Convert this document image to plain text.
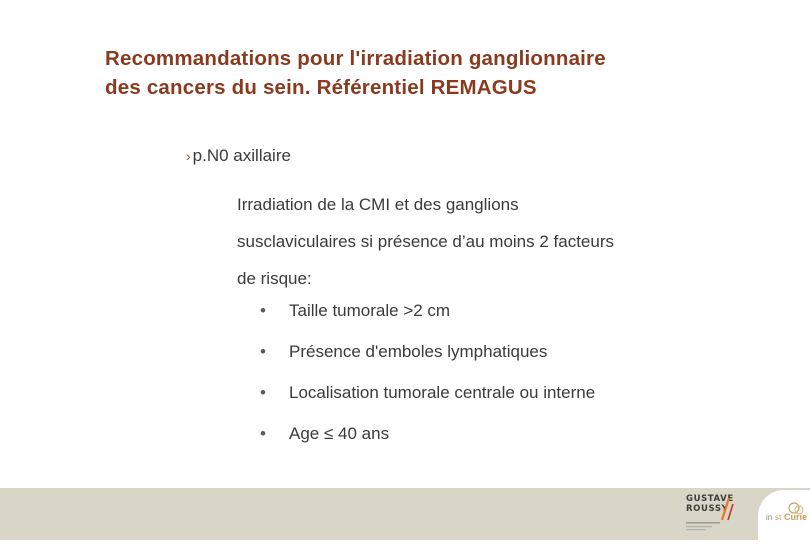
Recommandations pour l'irradiation ganglionnaire
des cancers du sein. Référentiel REMAGUS
› p.N0 axillaire
Irradiation de la CMI et des ganglions
susclaviculaires si présence d’au moins 2 facteurs
de risque:
• Taille tumorale >2 cm
• Présence d'emboles lymphatiques
• Localisation tumorale centrale ou interne
• Age ≤ 40 ans
GUSTAVE
ROUSSY
in st Curie
